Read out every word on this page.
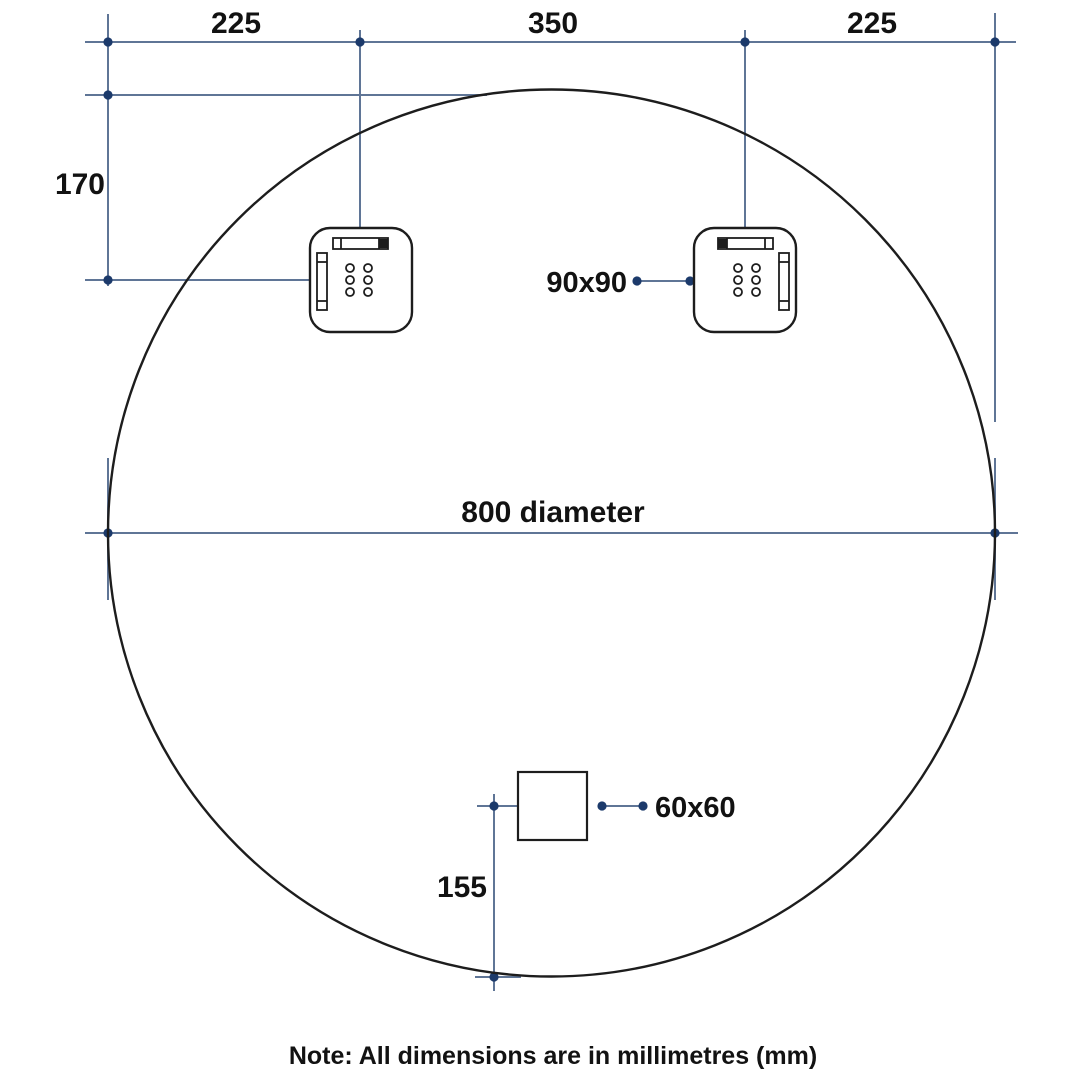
225	350	225
170
800 diameter
90x90
60x60
155
Note: All dimensions are in millimetres (mm)
